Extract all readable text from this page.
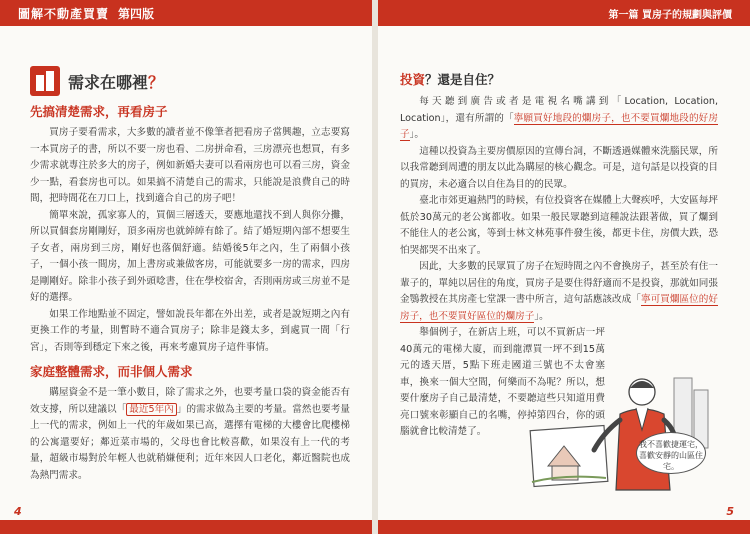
圖解不動產買賣 第四版	第一篇 買房子的規劃與評價
需求在哪裡？
先搞清楚需求，再看房子

買房子要看需求，大多數的讀者並不像筆者把看房子當興趣，立志要寫一本買房子的書，所以不要一房也看、二房拼命看，三房漂亮也想買，有多少需求就專注於多大的房子，例如新婚夫妻可以看兩房也可以看三房，資金少一點，看套房也可以。如果搞不清楚自己的需求，只能說是浪費自己的時間，把時間花在刀口上，找到適合自己的房子吧！

簡單來說，孤家寡人的，買個三層透天，要應地還找不到人與你分攤，所以買個套房剛剛好，頂多兩房也就綽綽有餘了。結了婚短期內部不想要生子女者，兩房到三房，剛好也落個舒適。結婚後5年之內，生了兩個小孩子，一個小孩一間房，加上書房或兼做客房，可能就要多一房的需求，四房是剛剛好。除非小孩子到外頭唸書，住在學校宿舍，否則兩房或三房並不是好的選擇。

如果工作地點並不固定，譬如說長年都在外出差，或者是說短期之內有更換工作的考量，則暫時不適合買房子；除非是錢太多，到處買一間「行宮」，否則等到穩定下來之後，再來考慮買房子這件事情。

家庭整體需求，而非個人需求

購屋資金不是一筆小數目，除了需求之外，也要考量口袋的資金能否有效支撐，所以建議以「 最近5年內 」的需求做為主要的考量。當然也要考量上一代的需求，例如上一代的年歲如果已高，選擇有電梯的大樓會比爬樓梯的公寓還要好；鄰近菜市場的，父母也會比較喜歡，如果沒有上一代的考量，超級市場對於年輕人也就稍嫌便利；近年來因人口老化，鄰近醫院也成為熱門需求。

投資？還是自住？

每天聽到廣告或者是電視名嘴講到「Location, Location, Location」，還有所謂的「寧願買好地段的爛房子，也不要買爛地段的好房子」。

這種以投資為主要房價原因的宣傳台詞，不斷透過媒體來洗腦民眾，所以我常聽到周遭的朋友以此為購屋的核心觀念。可是，這句話是以投資的目的買房，未必適合以自住為目的的民眾。

臺北市郊更遍熱門的時候，有位投資客在媒體上大聲疾呼，大安區每坪低於30萬元的老公寓都收。如果一般民眾聽到這種說法跟著做，買了爛到不能住人的老公寓，等到士林文林苑事件發生後，都更卡住，房價大跌，恐怕哭都哭不出來了。

因此，大多數的民眾買了房子在短時間之內不會換房子，甚至於有住一輩子的，單純以居住的角度，買房子是要住得舒適而不是投資，那就如同張金鶚教授在其房產七堂課一書中所言，這句話應該改成「寧可買爛區位的好房子，也不要買好區位的爛房子」。

舉個例子，在新店上班，可以不買新店一坪40萬元的電梯大廈，而到龍潭買一坪不到15萬元的透天厝，5點下班走國道三號也不太會塞車，換來一個大空間，何樂而不為呢？所以，想要什麼房子自己最清楚，不要聽這些只知道用費亮口號來彰顯自己的名嘴，停掉第四台，你的頭腦就會比較清楚了。

我不喜歡捷運宅，喜歡安靜的山區住宅。
4	5
